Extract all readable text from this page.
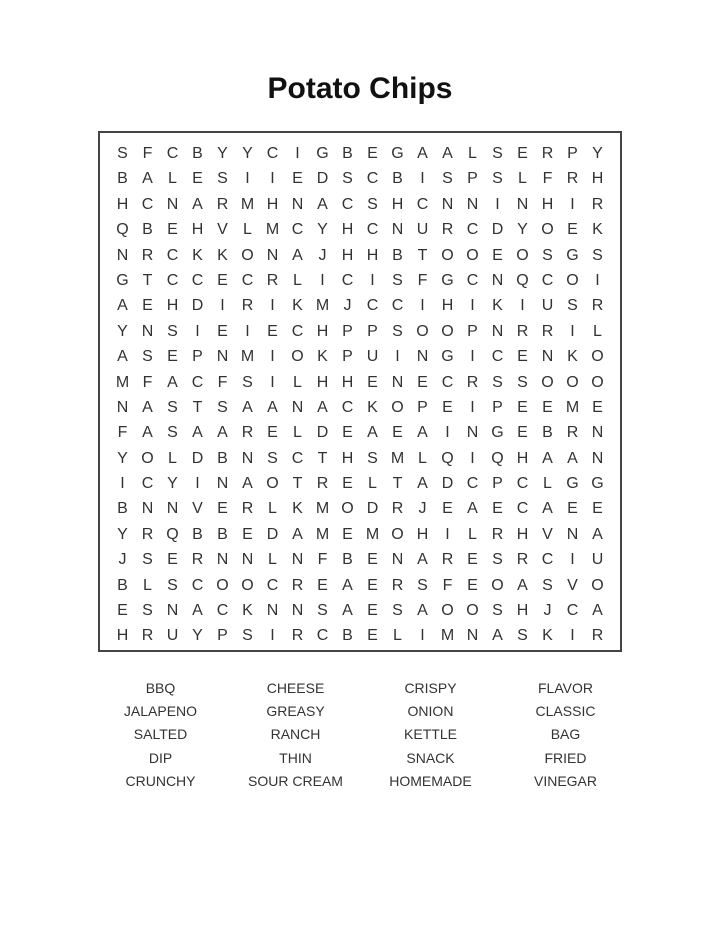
Potato Chips
S F C B Y Y C	I	G B E G A A L S E R P Y
B A L E S	I	I	E D S C B	I	S P S L F R H
H C N A R M H N A C S H C N N	I	N H	I	R
Q B E H V L M C Y H C N U R C D Y O E K
N R C K K O N A J H H B T O O E O S G S
G T C C E C R L	I	C	I	S F G C N Q C O	I
A E H D	I	R	I	K M J C C	I	H	I	K	I	U S R
Y N S	I	E	I	E C H P P S O O P N R R	I	L
A S E P N M	I	O K P U	I	N G	I	C E N K O
M F A C F S	I	L H H E N E C R S S O O O
N A S T S A A N A C K O P E	I	P E E M E
F A S A A R E L D E A E A	I	N G E B R N
Y O L D B N S C T H S M L Q	I	Q H A A N
I	C Y	I	N A O T R E L T A D C P C L G G
B N N V E R L K M O D R J E A E C A E E
Y R Q B B E D A M E M O H	I	L R H V N A
J S E R N N L N F B E N A R E S R C	I	U
B L S C O O C R E A E R S F E O A S V O
E S N A C K N N S A E S A O O S H J C A
H R U Y P S	I	R C B E L	I	M N A S K	I	R
BBQ	CHEESE	CRISPY	FLAVOR
JALAPENO	GREASY	ONION	CLASSIC
SALTED	RANCH	KETTLE	BAG
DIP	THIN	SNACK	FRIED
CRUNCHY	SOUR CREAM	HOMEMADE	VINEGAR
